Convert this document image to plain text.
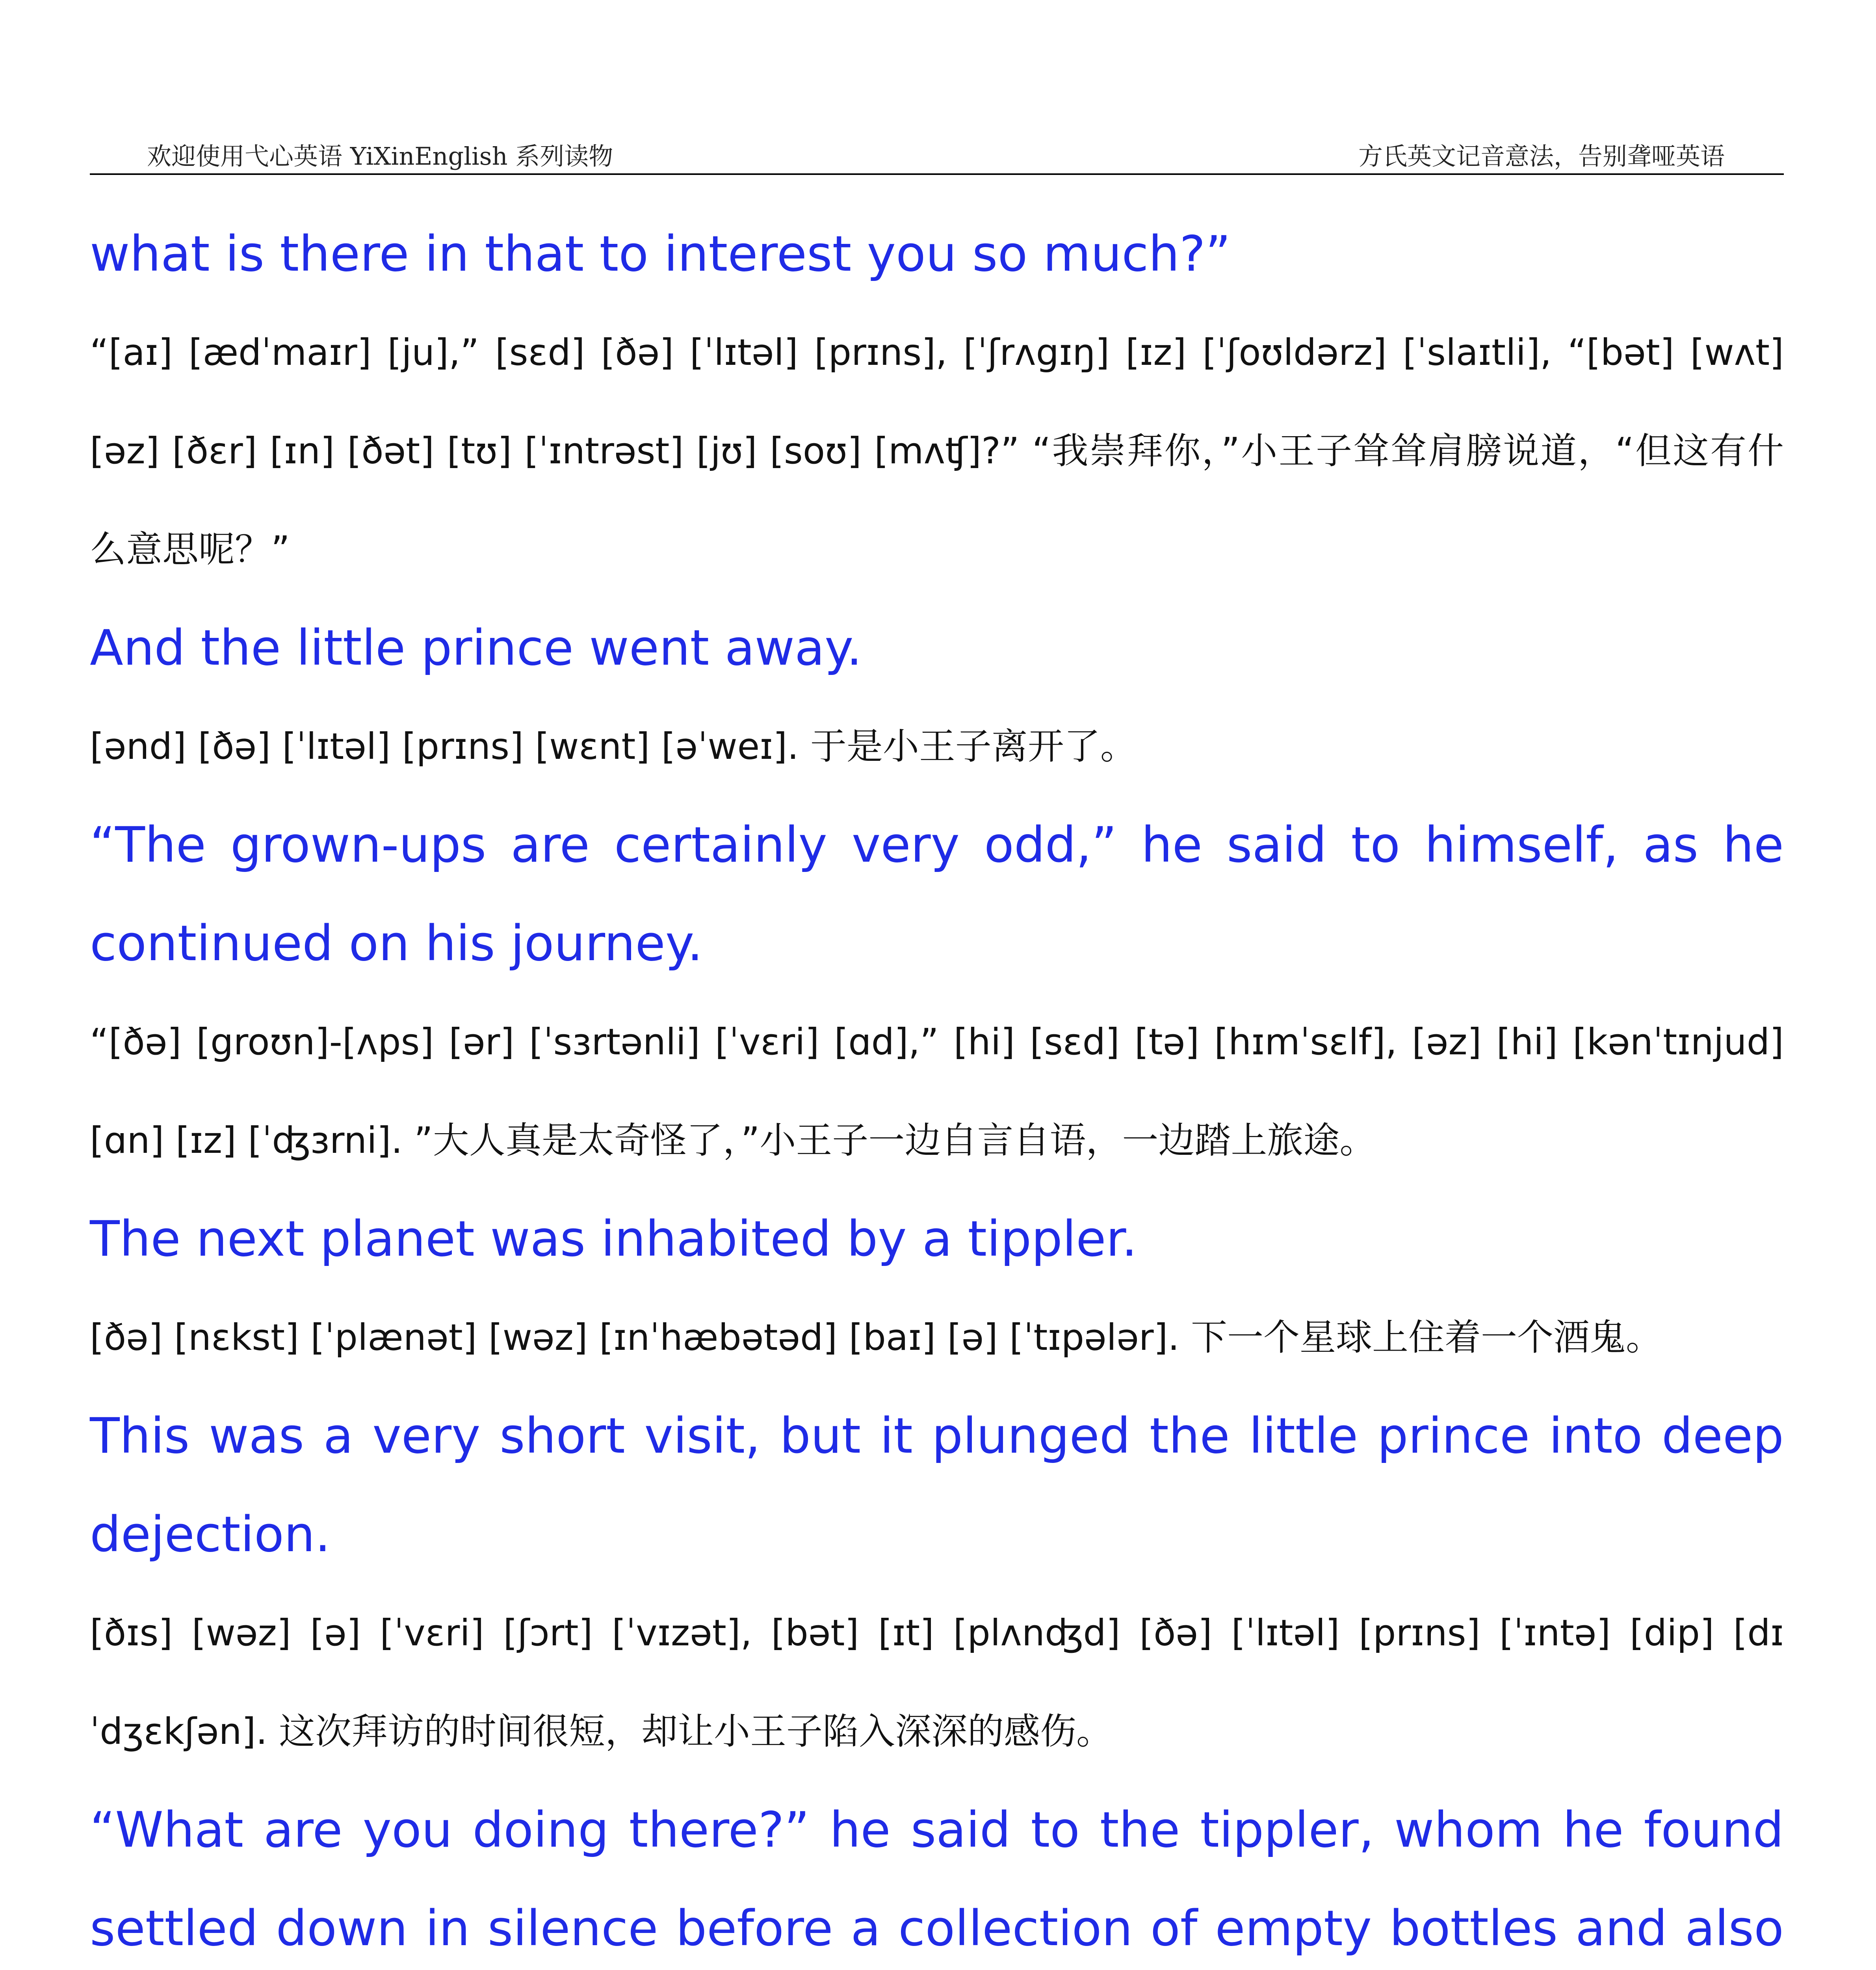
欢迎使用弋心英语 YiXinEnglish 系列读物	方氏英文记音意法，告别聋哑英语

what is there in that to interest you so much?”

“[aɪ] [ædˈmaɪr] [ju],” [sɛd] [ðə] [ˈlɪtəl] [prɪns], [ˈʃrʌgɪŋ] [ɪz] [ˈʃoʊldərz] [ˈslaɪtli], “[bət] [wʌt] [əz] [ðɛr] [ɪn] [ðət] [tʊ] [ˈɪntrəst] [jʊ] [soʊ] [mʌʧ]?” “我崇拜你，”小王子耸耸肩膀说道，“但这有什么意思呢？”

And the little prince went away.

[ənd] [ðə] [ˈlɪtəl] [prɪns] [wɛnt] [əˈweɪ]. 于是小王子离开了。

“The grown-ups are certainly very odd,” he said to himself, as he continued on his journey.

“[ðə] [groʊn]-[ʌps] [ər] [ˈsɜrtənli] [ˈvɛri] [ɑd],” [hi] [sɛd] [tə] [hɪmˈsɛlf], [əz] [hi] [kənˈtɪnjud] [ɑn] [ɪz] [ˈʤɜrni]. ”大人真是太奇怪了，”小王子一边自言自语，一边踏上旅途。

The next planet was inhabited by a tippler.

[ðə] [nɛkst] [ˈplænət] [wəz] [ɪnˈhæbətəd] [baɪ] [ə] [ˈtɪpələr]. 下一个星球上住着一个酒鬼。

This was a very short visit, but it plunged the little prince into deep dejection.

[ðɪs] [wəz] [ə] [ˈvɛri] [ʃɔrt] [ˈvɪzət], [bət] [ɪt] [plʌnʤd] [ðə] [ˈlɪtəl] [prɪns] [ˈɪntə] [dip] [dɪˈdʒɛkʃən]. 这次拜访的时间很短，却让小王子陷入深深的感伤。

“What are you doing there?” he said to the tippler, whom he found settled down in silence before a collection of empty bottles and also
